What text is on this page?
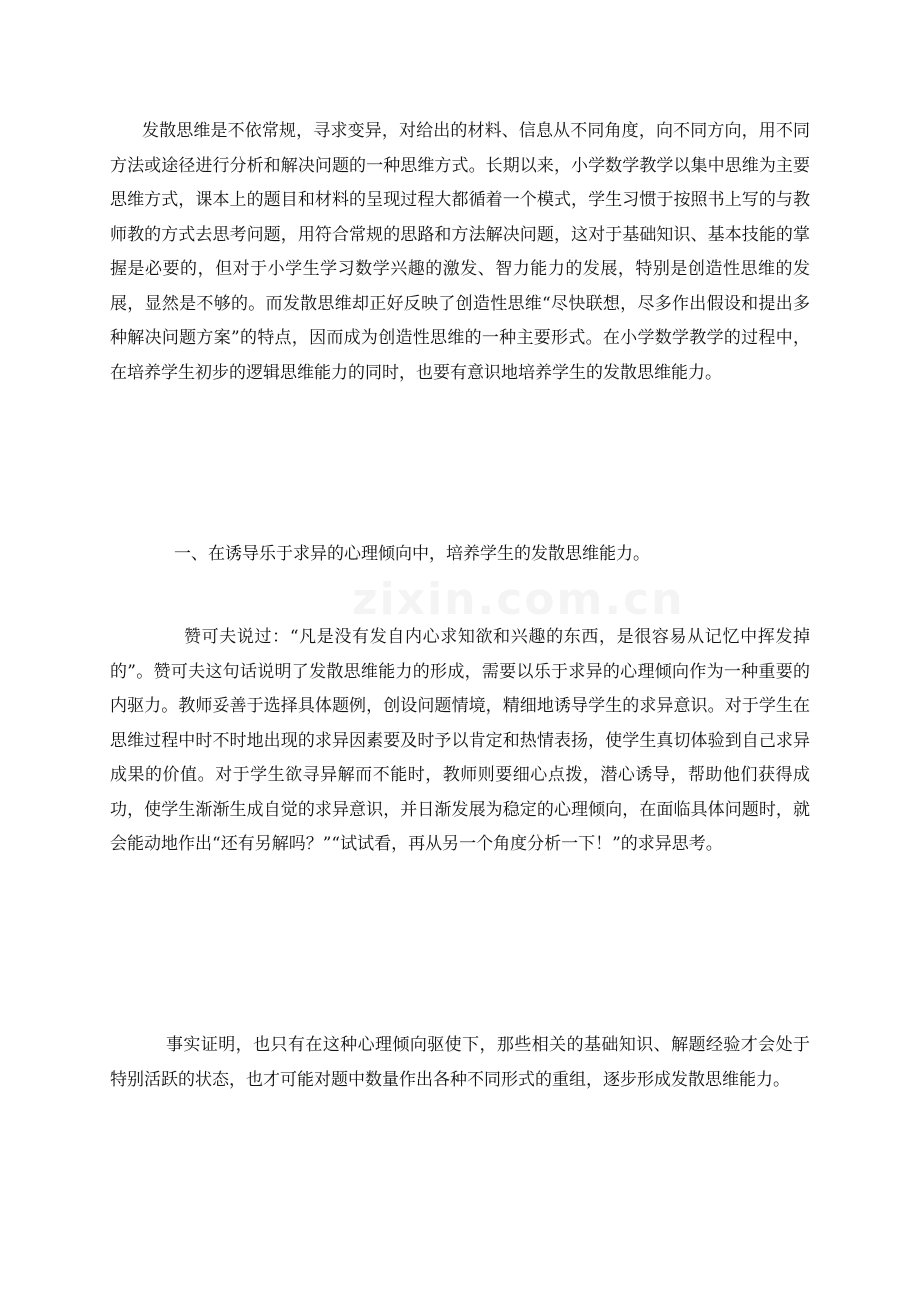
zixin.com.cn

发散思维是不依常规，寻求变异，对给出的材料、信息从不同角度，向不同方向，用不同方法或途径进行分析和解决问题的一种思维方式。长期以来，小学数学教学以集中思维为主要思维方式，课本上的题目和材料的呈现过程大都循着一个模式，学生习惯于按照书上写的与教师教的方式去思考问题，用符合常规的思路和方法解决问题，这对于基础知识、基本技能的掌握是必要的，但对于小学生学习数学兴趣的激发、智力能力的发展，特别是创造性思维的发展，显然是不够的。而发散思维却正好反映了创造性思维“尽快联想，尽多作出假设和提出多种解决问题方案”的特点，因而成为创造性思维的一种主要形式。在小学数学教学的过程中，在培养学生初步的逻辑思维能力的同时，也要有意识地培养学生的发散思维能力。

一、在诱导乐于求异的心理倾向中，培养学生的发散思维能力。

赞可夫说过：“凡是没有发自内心求知欲和兴趣的东西，是很容易从记忆中挥发掉的”。赞可夫这句话说明了发散思维能力的形成，需要以乐于求异的心理倾向作为一种重要的内驱力。教师妥善于选择具体题例，创设问题情境，精细地诱导学生的求异意识。对于学生在思维过程中时不时地出现的求异因素要及时予以肯定和热情表扬，使学生真切体验到自己求异成果的价值。对于学生欲寻异解而不能时，教师则要细心点拨，潜心诱导，帮助他们获得成功，使学生渐渐生成自觉的求异意识，并日渐发展为稳定的心理倾向，在面临具体问题时，就会能动地作出“还有另解吗？”“试试看，再从另一个角度分析一下！”的求异思考。

事实证明，也只有在这种心理倾向驱使下，那些相关的基础知识、解题经验才会处于特别活跃的状态，也才可能对题中数量作出各种不同形式的重组，逐步形成发散思维能力。
